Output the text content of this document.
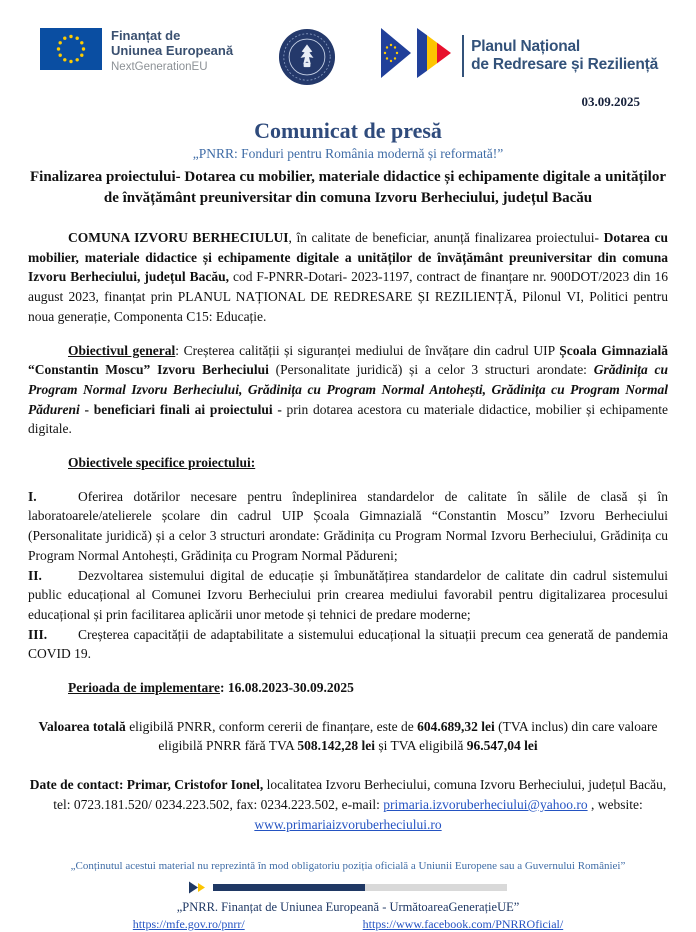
Finanțat de
Uniunea Europeană
NextGenerationEU
Planul Național
de Redresare și Reziliență
03.09.2025
Comunicat de presă
„PNRR: Fonduri pentru România modernă și reformată!”
Finalizarea proiectului- Dotarea cu mobilier, materiale didactice și echipamente digitale a unităților de învățământ preuniversitar din comuna Izvoru Berheciului, județul Bacău

COMUNA IZVORU BERHECIULUI, în calitate de beneficiar, anunță finalizarea proiectului- Dotarea cu mobilier, materiale didactice și echipamente digitale a unităților de învățământ preuniversitar din comuna Izvoru Berheciului, județul Bacău, cod F-PNRR-Dotari- 2023-1197, contract de finanțare nr. 900DOT/2023 din 16 august 2023, finanțat prin PLANUL NAȚIONAL DE REDRESARE ȘI REZILIENȚĂ, Pilonul VI, Politici pentru noua generație, Componenta C15: Educație.

Obiectivul general: Creșterea calității și siguranței mediului de învățare din cadrul UIP Școala Gimnazială “Constantin Moscu” Izvoru Berheciului (Personalitate juridică) și a celor 3 structuri arondate: Grădinița cu Program Normal Izvoru Berheciului, Grădinița cu Program Normal Antohești, Grădinița cu Program Normal Pădureni - beneficiari finali ai proiectului - prin dotarea acestora cu materiale didactice, mobilier și echipamente digitale.

Obiectivele specifice proiectului:

I.	Oferirea dotărilor necesare pentru îndeplinirea standardelor de calitate în sălile de clasă și în laboratoarele/atelierele școlare din cadrul UIP Școala Gimnazială “Constantin Moscu” Izvoru Berheciului (Personalitate juridică) și a celor 3 structuri arondate: Grădinița cu Program Normal Izvoru Berheciului, Grădinița cu Program Normal Antohești, Grădinița cu Program Normal Pădureni;

II.	Dezvoltarea sistemului digital de educație și îmbunătățirea standardelor de calitate din cadrul sistemului public educațional al Comunei Izvoru Berheciului prin crearea mediului favorabil pentru digitalizarea procesului educațional și prin facilitarea aplicării unor metode și tehnici de predare moderne;

III. Creșterea capacității de adaptabilitate a sistemului educațional la situații precum cea generată de pandemia COVID 19.

Perioada de implementare: 16.08.2023-30.09.2025

Valoarea totală eligibilă PNRR, conform cererii de finanțare, este de 604.689,32 lei (TVA inclus) din care valoare eligibilă PNRR fără TVA 508.142,28 lei și TVA eligibilă 96.547,04 lei

Date de contact: Primar, Cristofor Ionel, localitatea Izvoru Berheciului, comuna Izvoru Berheciului, județul Bacău, tel: 0723.181.520/ 0234.223.502, fax: 0234.223.502, e-mail: primaria.izvoruberheciului@yahoo.ro , website: www.primariaizvoruberheciului.ro

„Conținutul acestui material nu reprezintă în mod obligatoriu poziția oficială a Uniunii Europene sau a Guvernului României”
„PNRR. Finanțat de Uniunea Europeană - UrmătoareaGenerațieUE”
https://mfe.gov.ro/pnrr/	https://www.facebook.com/PNRROficial/
